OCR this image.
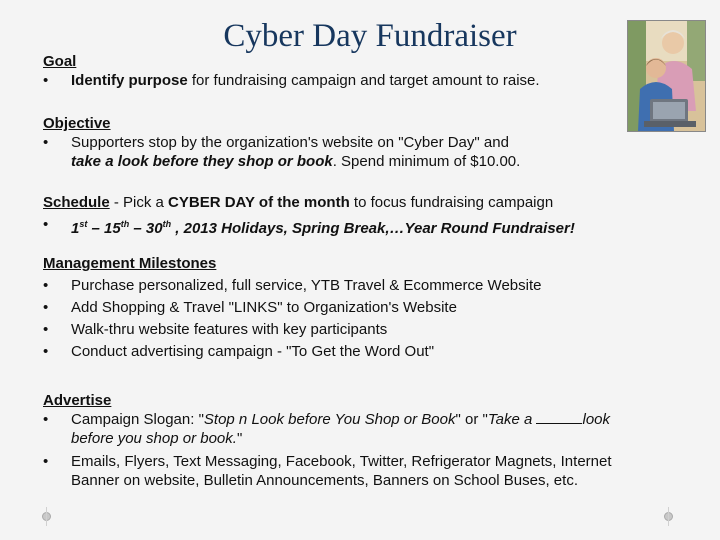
Cyber Day Fundraiser
Goal
• Identify purpose for fundraising campaign and target amount to raise.
Objective
• Supporters stop by the organization's website on "Cyber Day" and
take a look before they shop or book. Spend minimum of $10.00.
Schedule - Pick a CYBER DAY of the month to focus fundraising campaign
• 1st – 15th – 30th , 2013 Holidays, Spring Break,…Year Round Fundraiser!
Management Milestones
• Purchase personalized, full service, YTB Travel & Ecommerce Website
• Add Shopping & Travel "LINKS" to Organization's Website
• Walk-thru website features with key participants
• Conduct advertising campaign - "To Get the Word Out"
Advertise
• Campaign Slogan: "Stop n Look before You Shop or Book" or "Take a	look
before you shop or book."
• Emails, Flyers, Text Messaging, Facebook, Twitter, Refrigerator Magnets, Internet
Banner on website, Bulletin Announcements, Banners on School Buses, etc.
